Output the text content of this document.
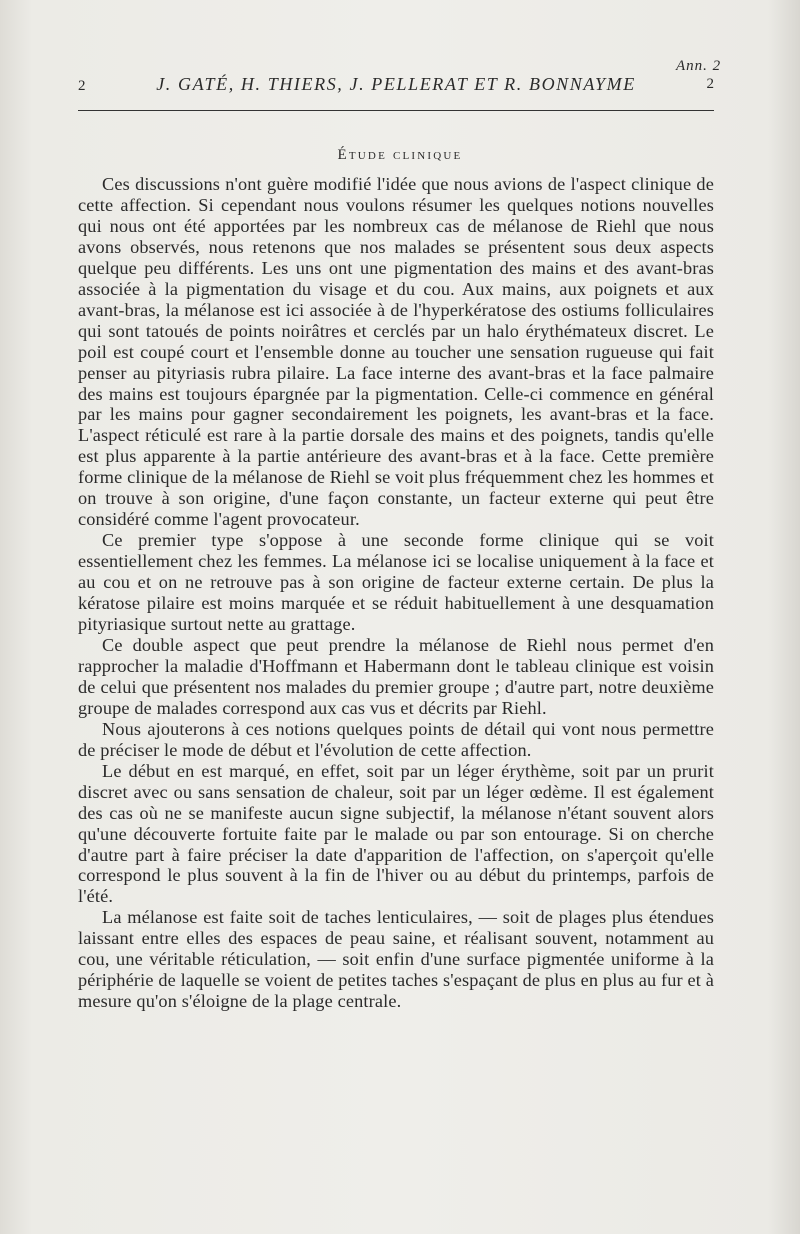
Ann. 2
2	J. GATÉ, H. THIERS, J. PELLERAT ET R. BONNAYME	2
Étude clinique

Ces discussions n'ont guère modifié l'idée que nous avions de l'aspect clinique de cette affection. Si cependant nous voulons résumer les quelques notions nouvelles qui nous ont été apportées par les nombreux cas de mélanose de Riehl que nous avons observés, nous retenons que nos malades se présentent sous deux aspects quelque peu différents. Les uns ont une pigmentation des mains et des avant-bras associée à la pigmentation du visage et du cou. Aux mains, aux poignets et aux avant-bras, la mélanose est ici associée à de l'hyperkératose des ostiums folliculaires qui sont tatoués de points noirâtres et cerclés par un halo érythémateux discret. Le poil est coupé court et l'ensemble donne au toucher une sensation rugueuse qui fait penser au pityriasis rubra pilaire. La face interne des avant-bras et la face palmaire des mains est toujours épargnée par la pigmentation. Celle-ci commence en général par les mains pour gagner secondairement les poignets, les avant-bras et la face. L'aspect réticulé est rare à la partie dorsale des mains et des poignets, tandis qu'elle est plus apparente à la partie antérieure des avant-bras et à la face. Cette première forme clinique de la mélanose de Riehl se voit plus fréquemment chez les hommes et on trouve à son origine, d'une façon constante, un facteur externe qui peut être considéré comme l'agent provocateur.

Ce premier type s'oppose à une seconde forme clinique qui se voit essentiellement chez les femmes. La mélanose ici se localise uniquement à la face et au cou et on ne retrouve pas à son origine de facteur externe certain. De plus la kératose pilaire est moins marquée et se réduit habituellement à une desquamation pityriasique surtout nette au grattage.

Ce double aspect que peut prendre la mélanose de Riehl nous permet d'en rapprocher la maladie d'Hoffmann et Habermann dont le tableau clinique est voisin de celui que présentent nos malades du premier groupe ; d'autre part, notre deuxième groupe de malades correspond aux cas vus et décrits par Riehl.

Nous ajouterons à ces notions quelques points de détail qui vont nous permettre de préciser le mode de début et l'évolution de cette affection.

Le début en est marqué, en effet, soit par un léger érythème, soit par un prurit discret avec ou sans sensation de chaleur, soit par un léger œdème. Il est également des cas où ne se manifeste aucun signe subjectif, la mélanose n'étant souvent alors qu'une découverte fortuite faite par le malade ou par son entourage. Si on cherche d'autre part à faire préciser la date d'apparition de l'affection, on s'aperçoit qu'elle correspond le plus souvent à la fin de l'hiver ou au début du printemps, parfois de l'été.

La mélanose est faite soit de taches lenticulaires, — soit de plages plus étendues laissant entre elles des espaces de peau saine, et réalisant souvent, notamment au cou, une véritable réticulation, — soit enfin d'une surface pigmentée uniforme à la périphérie de laquelle se voient de petites taches s'espaçant de plus en plus au fur et à mesure qu'on s'éloigne de la plage centrale.
